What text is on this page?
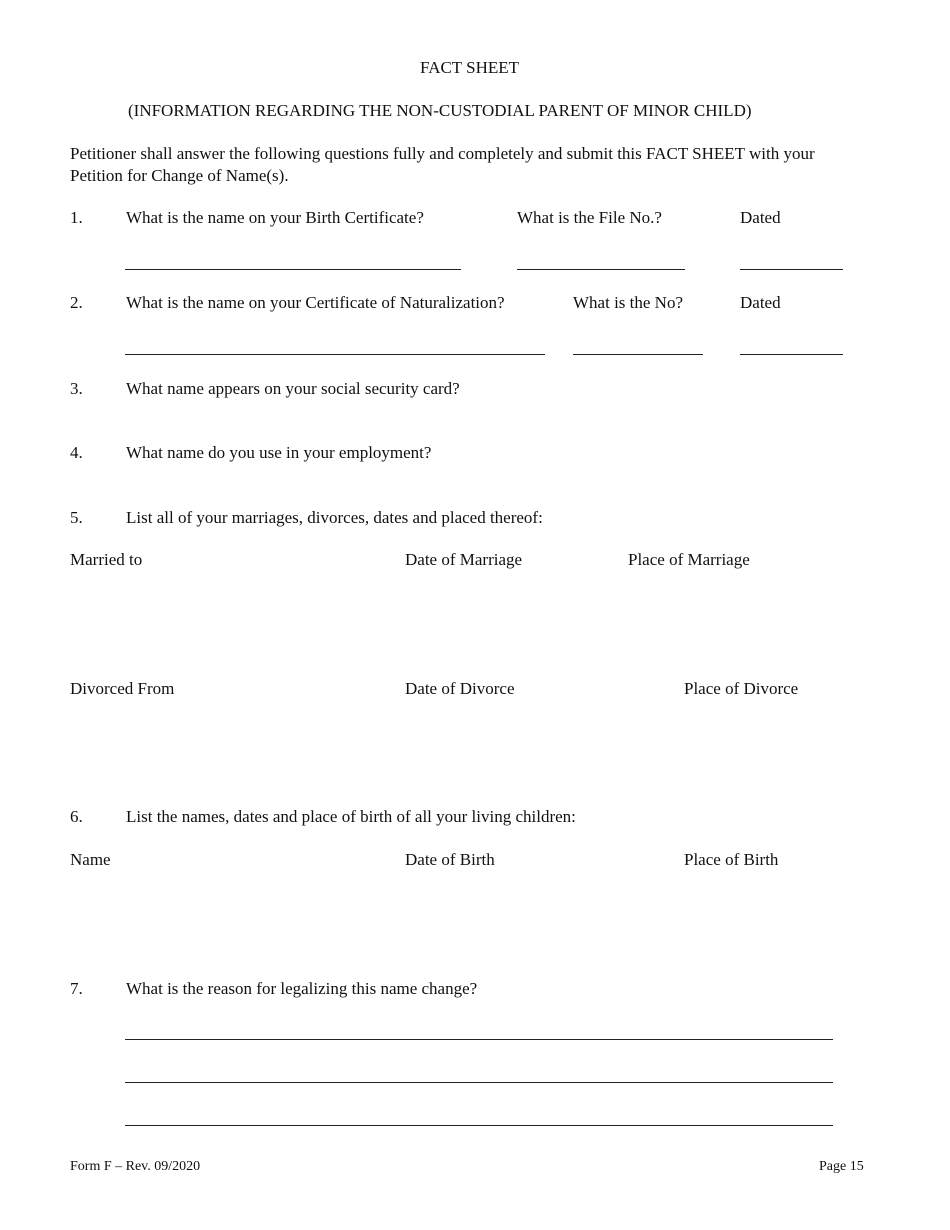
FACT SHEET
(INFORMATION REGARDING THE NON-CUSTODIAL PARENT OF MINOR CHILD)
Petitioner shall answer the following questions fully and completely and submit this FACT SHEET with your Petition for Change of Name(s).
1.	What is the name on your Birth Certificate?	What is the File No.?	Dated
2.	What is the name on your Certificate of Naturalization?	What is the No?	Dated
3.	What name appears on your social security card?
4.	What name do you use in your employment?
5.	List all of your marriages, divorces, dates and placed thereof:
Married to	Date of Marriage	Place of Marriage
Divorced From	Date of Divorce	Place of Divorce
6.	List the names, dates and place of birth of all your living children:
Name	Date of Birth	Place of Birth
7.	What is the reason for legalizing this name change?
Form F – Rev. 09/2020	Page 15
